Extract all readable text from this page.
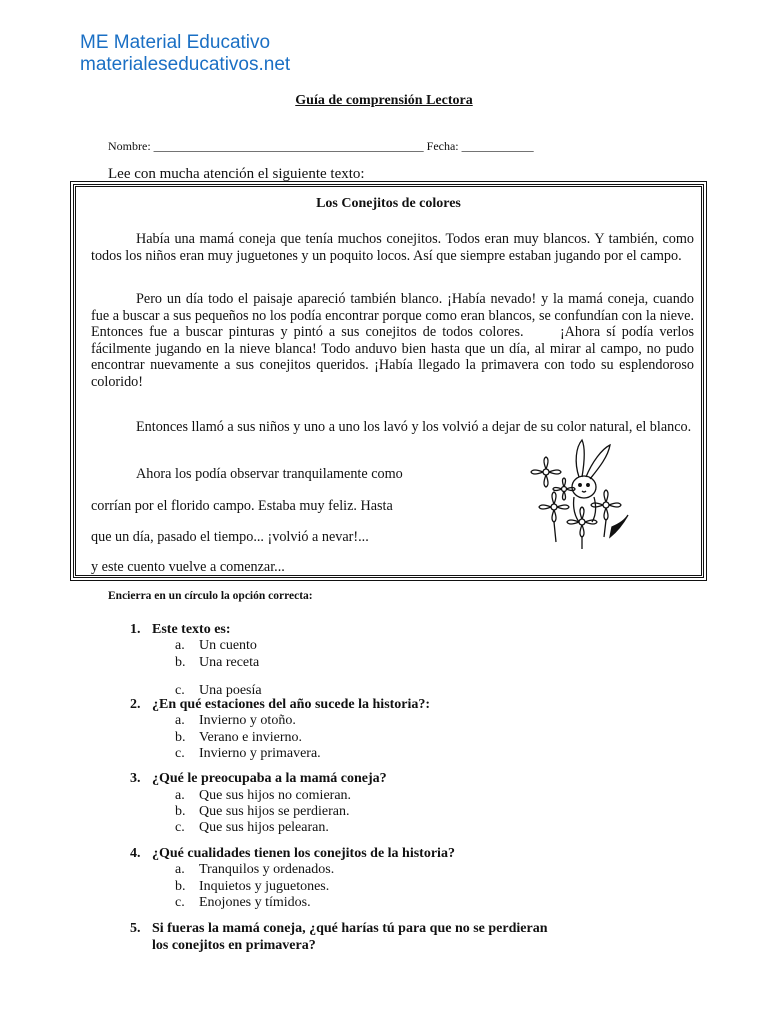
ME Material Educativo
materialeseducativos.net
Guía de comprensión Lectora
Nombre: _____________________________________________ Fecha: ____________
Lee con mucha atención el siguiente texto:
Los Conejitos de colores
Había una mamá coneja que tenía muchos conejitos. Todos eran muy blancos. Y también, como todos los niños eran muy juguetones y un poquito locos. Así que siempre estaban jugando por el campo.
Pero un día todo el paisaje apareció también blanco. ¡Había nevado! y la mamá coneja, cuando fue a buscar a sus pequeños no los podía encontrar porque como eran blancos, se confundían con la nieve. Entonces fue a buscar pinturas y pintó a sus conejitos de todos colores.      ¡Ahora sí podía verlos fácilmente jugando en la nieve blanca! Todo anduvo bien hasta que un día, al mirar al campo, no pudo encontrar nuevamente a sus conejitos queridos. ¡Había llegado la primavera con todo su esplendoroso colorido!
Entonces llamó a sus niños y uno a uno los lavó y los volvió a dejar de su color natural, el blanco.
Ahora los podía observar tranquilamente como
corrían por el florido campo. Estaba muy feliz. Hasta
que un día, pasado el tiempo... ¡volvió a nevar!...
y este cuento vuelve a comenzar...
Encierra en un círculo la opción correcta:
1. Este texto es:
a. Un cuento
b. Una receta
c. Una poesía
2. ¿En qué estaciones del año sucede la historia?:
a. Invierno y otoño.
b. Verano e invierno.
c. Invierno y primavera.
3. ¿Qué le preocupaba a la mamá coneja?
a. Que sus hijos no comieran.
b. Que sus hijos se perdieran.
c. Que sus hijos pelearan.
4. ¿Qué cualidades tienen los conejitos de la historia?
a. Tranquilos y ordenados.
b. Inquietos y juguetones.
c. Enojones y tímidos.
5. Si fueras la mamá coneja, ¿qué harías tú para que no se perdieran
los conejitos en primavera?
